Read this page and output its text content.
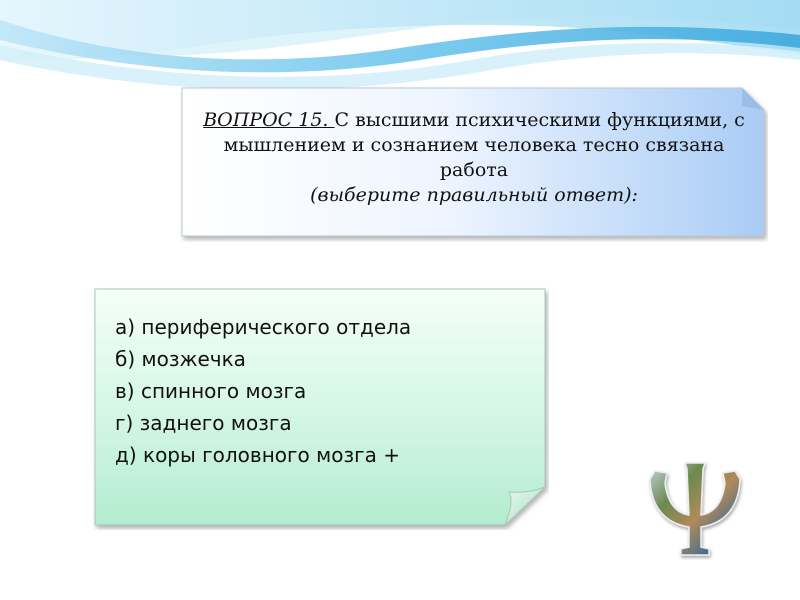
ВОПРОС 15. С высшими психическими функциями, с мышлением и сознанием человека тесно связана работа
(выберите правильный ответ):
а) периферического отдела
б) мозжечка
в) спинного мозга
г) заднего мозга
д) коры головного мозга +
